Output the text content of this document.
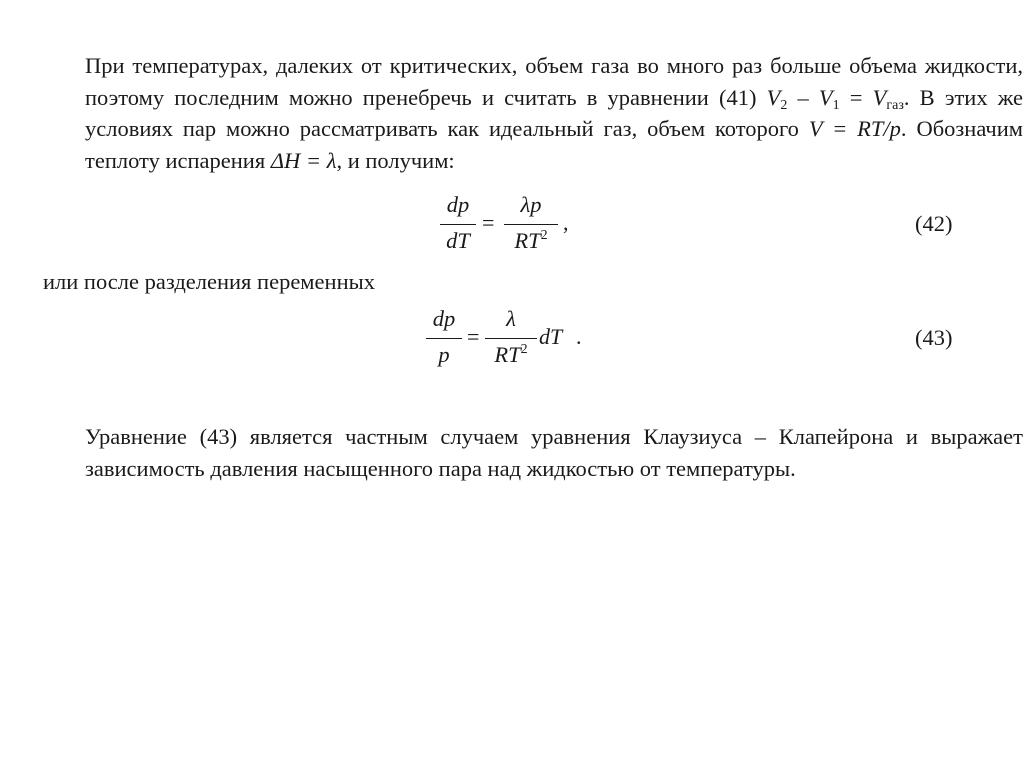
При температурах, далеких от критических, объем газа во много раз больше объема жидкости, поэтому последним можно пренебречь и считать в уравнении (41) $V_2 - V_1 = V_{газ}$. В этих же условиях пар можно рассматривать как идеальный газ, объем которого V = RT/p. Обозначим теплоту испарения ΔH = λ, и получим:
dp
dT
=
λp
$RT^2$
,	(42)
или после разделения переменных
dp
p
=
λ
$RT^2$
dT .	(43)
Уравнение (43) является частным случаем уравнения Клаузиуса – Клапейрона и выражает зависимость давления насыщенного пара над жидкостью от температуры.
